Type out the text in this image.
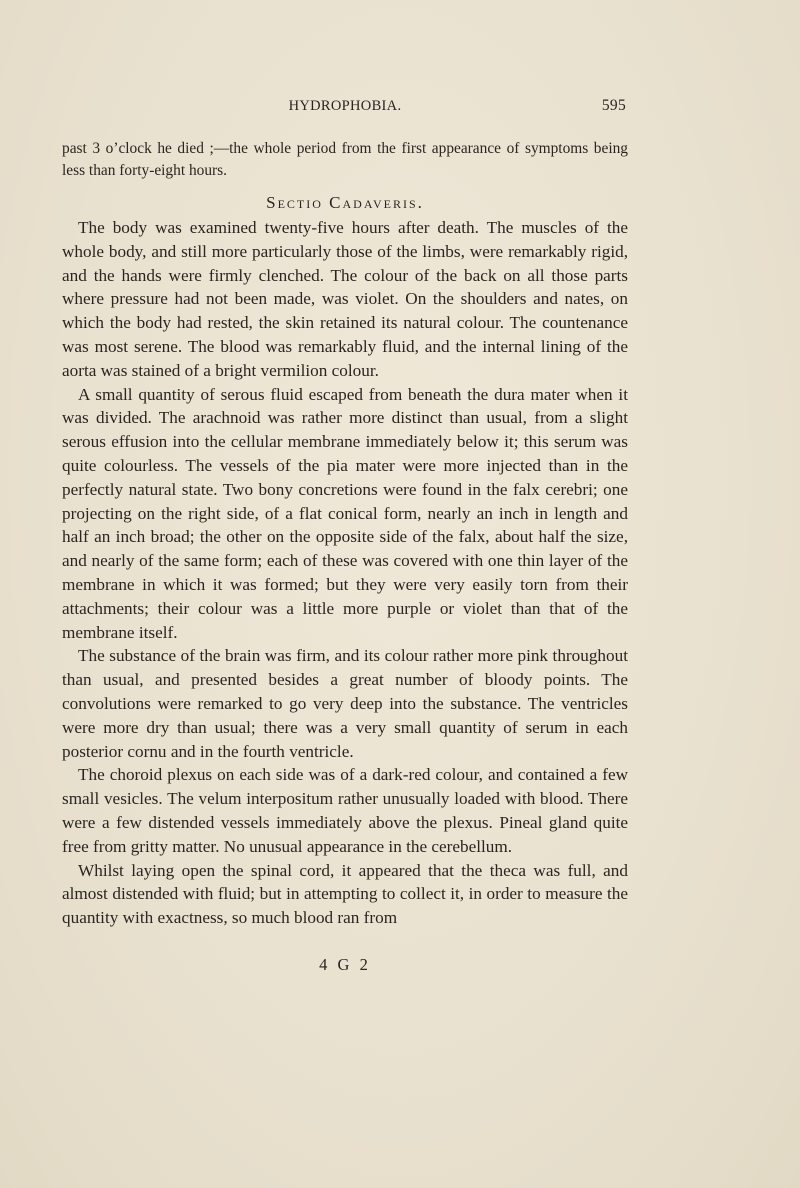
HYDROPHOBIA.	595

past 3 o’clock he died ;—the whole period from the first appearance of symptoms being less than forty-eight hours.

Sectio Cadaveris.

The body was examined twenty-five hours after death. The muscles of the whole body, and still more particularly those of the limbs, were remarkably rigid, and the hands were firmly clenched. The colour of the back on all those parts where pressure had not been made, was violet. On the shoulders and nates, on which the body had rested, the skin retained its natural colour. The countenance was most serene. The blood was remarkably fluid, and the internal lining of the aorta was stained of a bright vermilion colour.

A small quantity of serous fluid escaped from beneath the dura mater when it was divided. The arachnoid was rather more distinct than usual, from a slight serous effusion into the cellular membrane immediately below it; this serum was quite colourless. The vessels of the pia mater were more injected than in the perfectly natural state. Two bony concretions were found in the falx cerebri; one projecting on the right side, of a flat conical form, nearly an inch in length and half an inch broad; the other on the opposite side of the falx, about half the size, and nearly of the same form; each of these was covered with one thin layer of the membrane in which it was formed; but they were very easily torn from their attachments; their colour was a little more purple or violet than that of the membrane itself.

The substance of the brain was firm, and its colour rather more pink throughout than usual, and presented besides a great number of bloody points. The convolutions were remarked to go very deep into the substance. The ventricles were more dry than usual; there was a very small quantity of serum in each posterior cornu and in the fourth ventricle.

The choroid plexus on each side was of a dark-red colour, and contained a few small vesicles. The velum interpositum rather unusually loaded with blood. There were a few distended vessels immediately above the plexus. Pineal gland quite free from gritty matter. No unusual appearance in the cerebellum.

Whilst laying open the spinal cord, it appeared that the theca was full, and almost distended with fluid; but in attempting to collect it, in order to measure the quantity with exactness, so much blood ran from

4 G 2
